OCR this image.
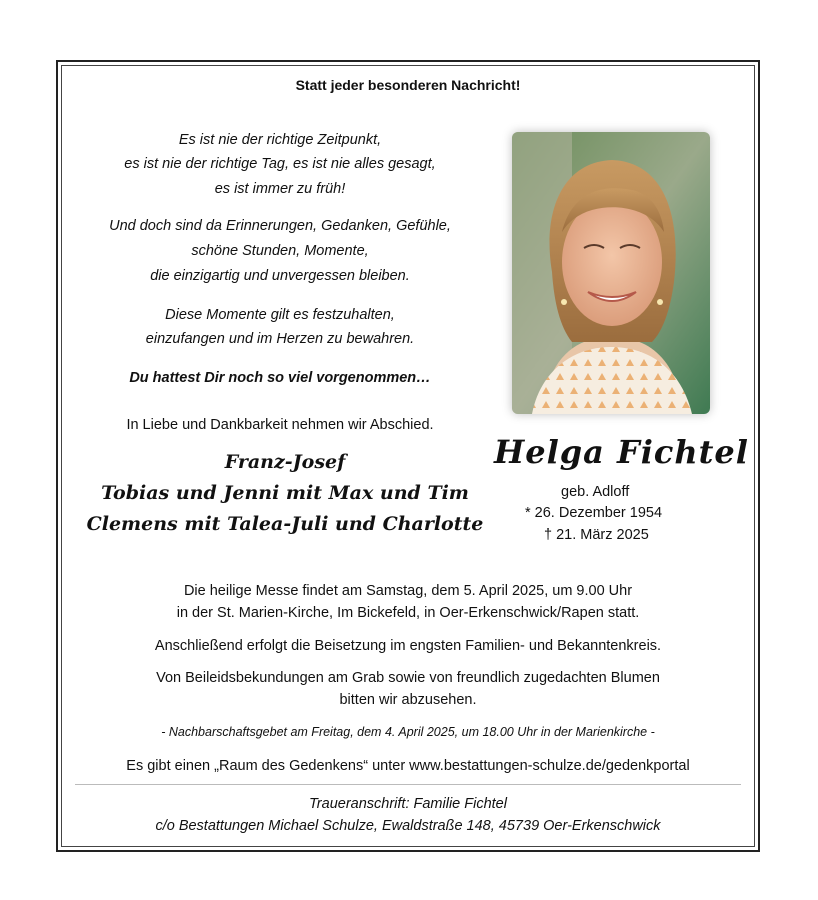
Statt jeder besonderen Nachricht!
Es ist nie der richtige Zeitpunkt,
es ist nie der richtige Tag, es ist nie alles gesagt,
es ist immer zu früh!
Und doch sind da Erinnerungen, Gedanken, Gefühle,
schöne Stunden, Momente,
die einzigartig und unvergessen bleiben.
Diese Momente gilt es festzuhalten,
einzufangen und im Herzen zu bewahren.
Du hattest Dir noch so viel vorgenommen…
In Liebe und Dankbarkeit nehmen wir Abschied.
Franz-Josef
Tobias und Jenni mit Max und Tim
Clemens mit Talea-Juli und Charlotte
Helga Fichtel
geb. Adloff
* 26. Dezember 1954
† 21. März 2025
Die heilige Messe findet am Samstag, dem 5. April 2025, um 9.00 Uhr
in der St. Marien-Kirche, Im Bickefeld, in Oer-Erkenschwick/Rapen statt.
Anschließend erfolgt die Beisetzung im engsten Familien- und Bekanntenkreis.
Von Beileidsbekundungen am Grab sowie von freundlich zugedachten Blumen
bitten wir abzusehen.
- Nachbarschaftsgebet am Freitag, dem 4. April 2025, um 18.00 Uhr in der Marienkirche -
Es gibt einen „Raum des Gedenkens“ unter www.bestattungen-schulze.de/gedenkportal
Traueranschrift: Familie Fichtel
c/o Bestattungen Michael Schulze, Ewaldstraße 148, 45739 Oer-Erkenschwick
